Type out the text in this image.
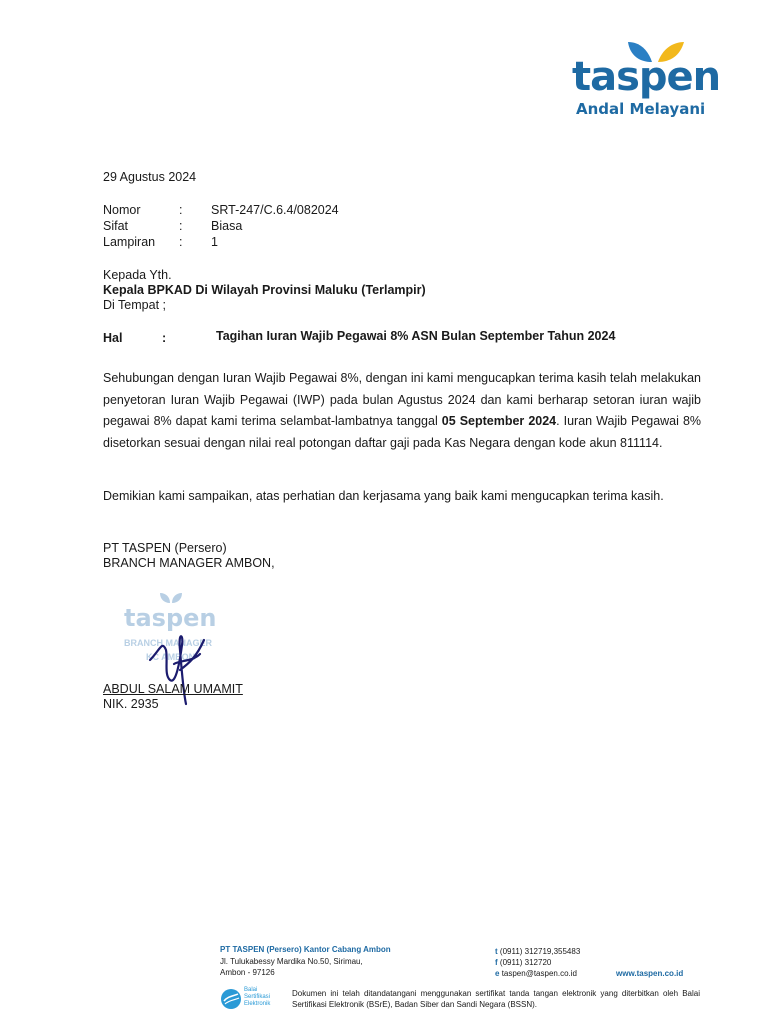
taspen
Andal Melayani
29 Agustus 2024
Nomor	: SRT-247/C.6.4/082024
Sifat	: Biasa
Lampiran : 1
Kepada Yth.
Kepala BPKAD Di Wilayah Provinsi Maluku (Terlampir)
Di Tempat ;
Hal	:	Tagihan Iuran Wajib Pegawai 8% ASN Bulan September Tahun 2024
Sehubungan dengan Iuran Wajib Pegawai 8%, dengan ini kami mengucapkan terima kasih telah melakukan penyetoran Iuran Wajib Pegawai (IWP) pada bulan Agustus 2024 dan kami berharap setoran iuran wajib pegawai 8% dapat kami terima selambat-lambatnya tanggal 05 September 2024. Iuran Wajib Pegawai 8% disetorkan sesuai dengan nilai real potongan daftar gaji pada Kas Negara dengan kode akun 811114.
Demikian kami sampaikan, atas perhatian dan kerjasama yang baik kami mengucapkan terima kasih.
PT TASPEN (Persero)
BRANCH MANAGER AMBON,
taspen
BRANCH MANAGER
KC AMBON
ABDUL SALAM UMAMIT
NIK. 2935
PT TASPEN (Persero) Kantor Cabang Ambon
Jl. Tulukabessy Mardika No.50, Sirimau,
Ambon - 97126
t (0911) 312719,355483
f (0911) 312720
e taspen@taspen.co.id	www.taspen.co.id
Balai
Sertifikasi
Elektronik
Dokumen ini telah ditandatangani menggunakan sertifikat tanda tangan elektronik yang diterbitkan oleh Balai Sertifikasi Elektronik (BSrE), Badan Siber dan Sandi Negara (BSSN).
